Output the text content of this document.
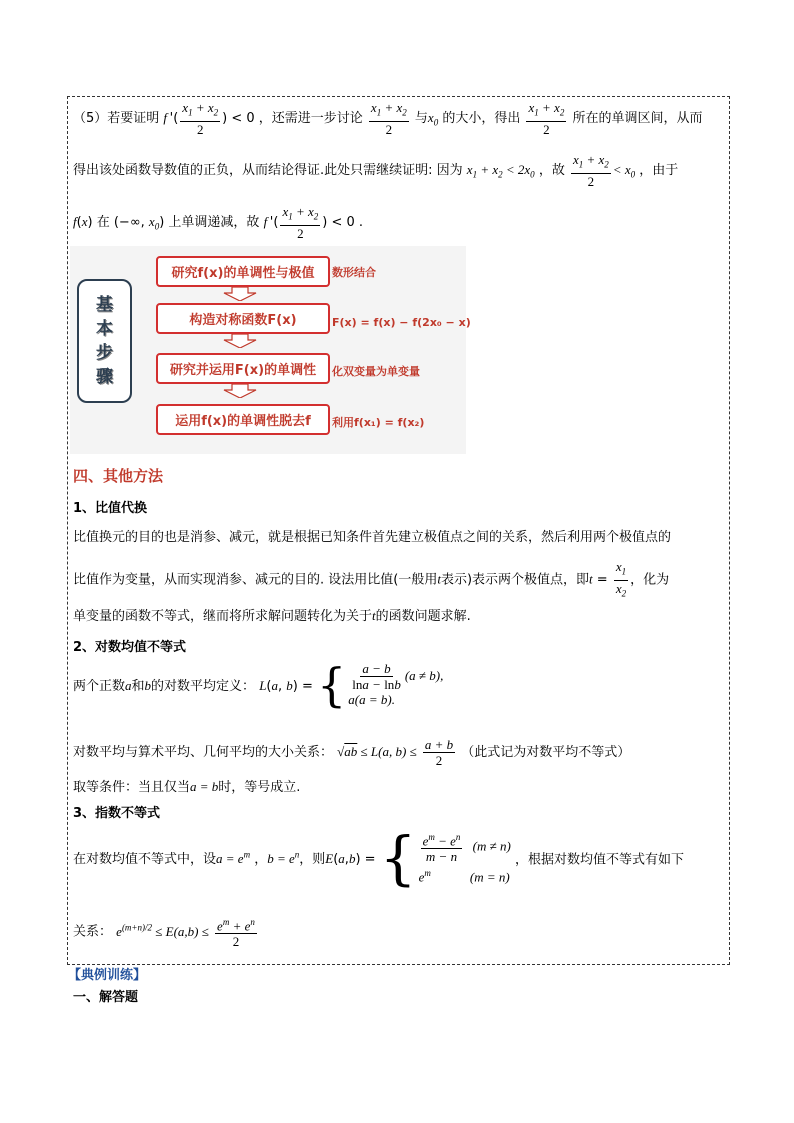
（5）若要证明 f '( $\frac{x_1 + x_2}{2}$ ) < 0 ，还需进一步讨论 $\frac{x_1 + x_2}{2}$ 与$x_0$ 的大小，得出 $\frac{x_1 + x_2}{2}$ 所在的单调区间，从而
得出该处函数导数值的正负，从而结论得证.此处只需继续证明: 因为 $x_1 + x_2 < 2x_0$ ，故 $\frac{x_1 + x_2}{2} < x_0$ ，由于
f(x) 在 (−∞, $x_0$) 上单调递减，故 f '( $\frac{x_1 + x_2}{2}$ ) < 0 .
基
本
步
骤
研究f(x)的单调性与极值
构造对称函数F(x)
研究并运用F(x)的单调性
运用f(x)的单调性脱去f
数形结合
F(x) = f(x) − f(2x₀ − x)
化双变量为单变量
利用f(x₁) = f(x₂)
四、其他方法
1、比值代换
比值换元的目的也是消参、减元，就是根据已知条件首先建立极值点之间的关系，然后利用两个极值点的
比值作为变量，从而实现消参、减元的目的. 设法用比值(一般用t表示)表示两个极值点，即$t = \frac{x_1}{x_2}$ ，化为
单变量的函数不等式，继而将所求解问题转化为关于t的函数问题求解.
2、对数均值不等式
两个正数a和b的对数平均定义： L(a, b) = { $\frac{a - b}{\ln a - \ln b} (a \ne b)$,
a(a = b).
对数平均与算术平均、几何平均的大小关系： √ab ≤ L(a, $b) \le \frac{a + b}{2}$ （此式记为对数平均不等式）
取等条件：当且仅当a = b时，等号成立.
3、指数不等式
在对数均值不等式中，设$a = e^m$ ，$b = e^n$，则E(a,b) = { $\frac{e^m - e^n}{m - n} (m \ne n)$
$e^m$            (m = n)
，根据对数均值不等式有如下
关系： $e^{(m+n)/2} \le E(a,b) \le \frac{e^m + e^n}{2}$
【典例训练】
一、解答题
